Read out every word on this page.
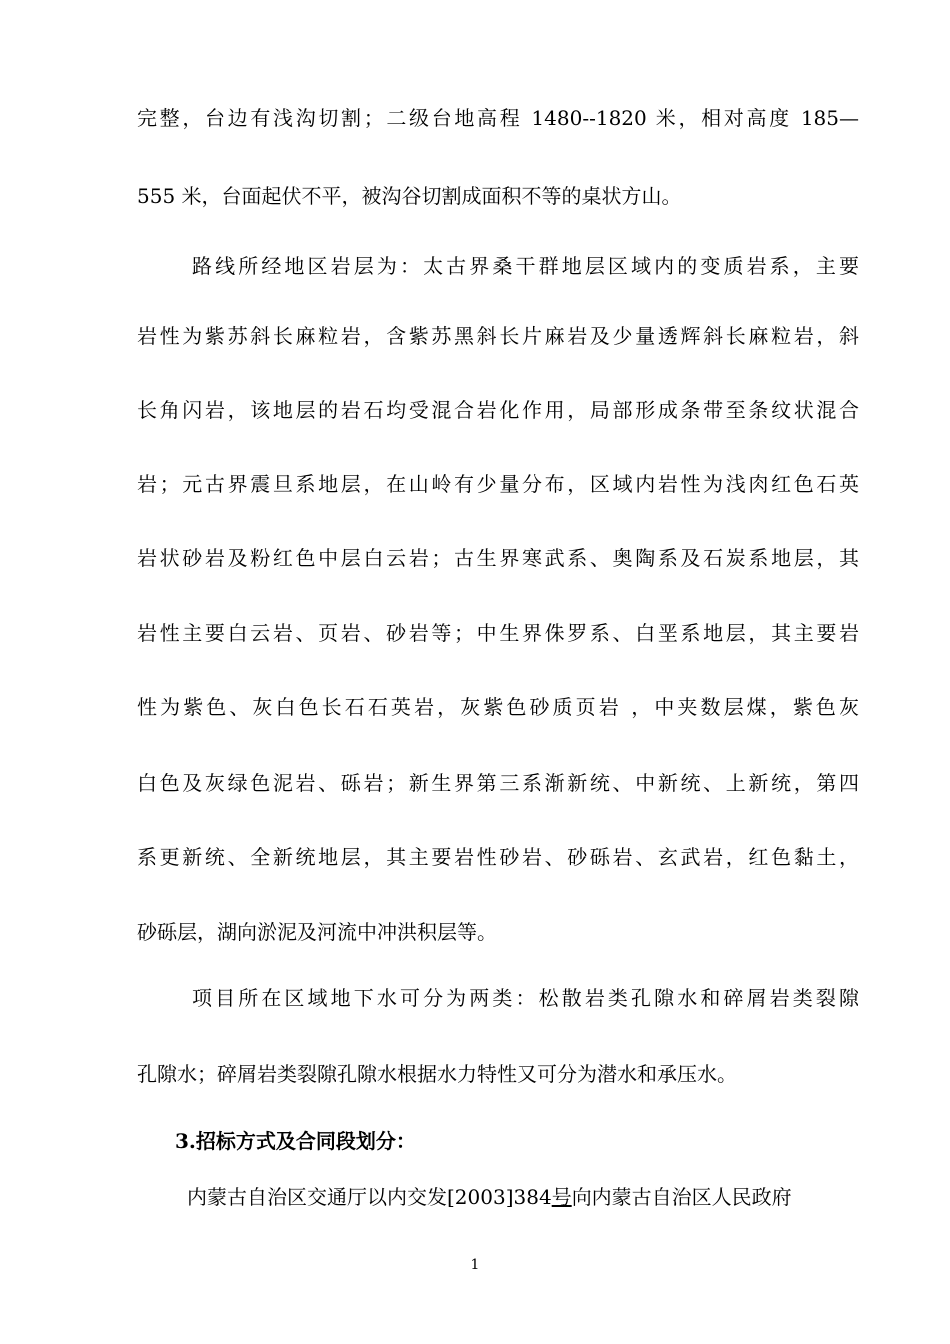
完整，台边有浅沟切割；二级台地高程 1480--1820 米，相对高度 185—
555 米，台面起伏不平，被沟谷切割成面积不等的桌状方山。
路线所经地区岩层为：太古界桑干群地层区域内的变质岩系，主要
岩性为紫苏斜长麻粒岩，含紫苏黑斜长片麻岩及少量透辉斜长麻粒岩，斜
长角闪岩，该地层的岩石均受混合岩化作用，局部形成条带至条纹状混合
岩；元古界震旦系地层，在山岭有少量分布，区域内岩性为浅肉红色石英
岩状砂岩及粉红色中层白云岩；古生界寒武系、奥陶系及石炭系地层，其
岩性主要白云岩、页岩、砂岩等；中生界侏罗系、白垩系地层，其主要岩
性为紫色、灰白色长石石英岩，灰紫色砂质页岩 ，中夹数层煤，紫色灰
白色及灰绿色泥岩、砾岩；新生界第三系渐新统、中新统、上新统，第四
系更新统、全新统地层，其主要岩性砂岩、砂砾岩、玄武岩，红色黏土，
砂砾层，湖向淤泥及河流中冲洪积层等。
项目所在区域地下水可分为两类：松散岩类孔隙水和碎屑岩类裂隙
孔隙水；碎屑岩类裂隙孔隙水根据水力特性又可分为潜水和承压水。
3.招标方式及合同段划分：
内蒙古自治区交通厅以内交发[2003]384号向内蒙古自治区人民政府
1
